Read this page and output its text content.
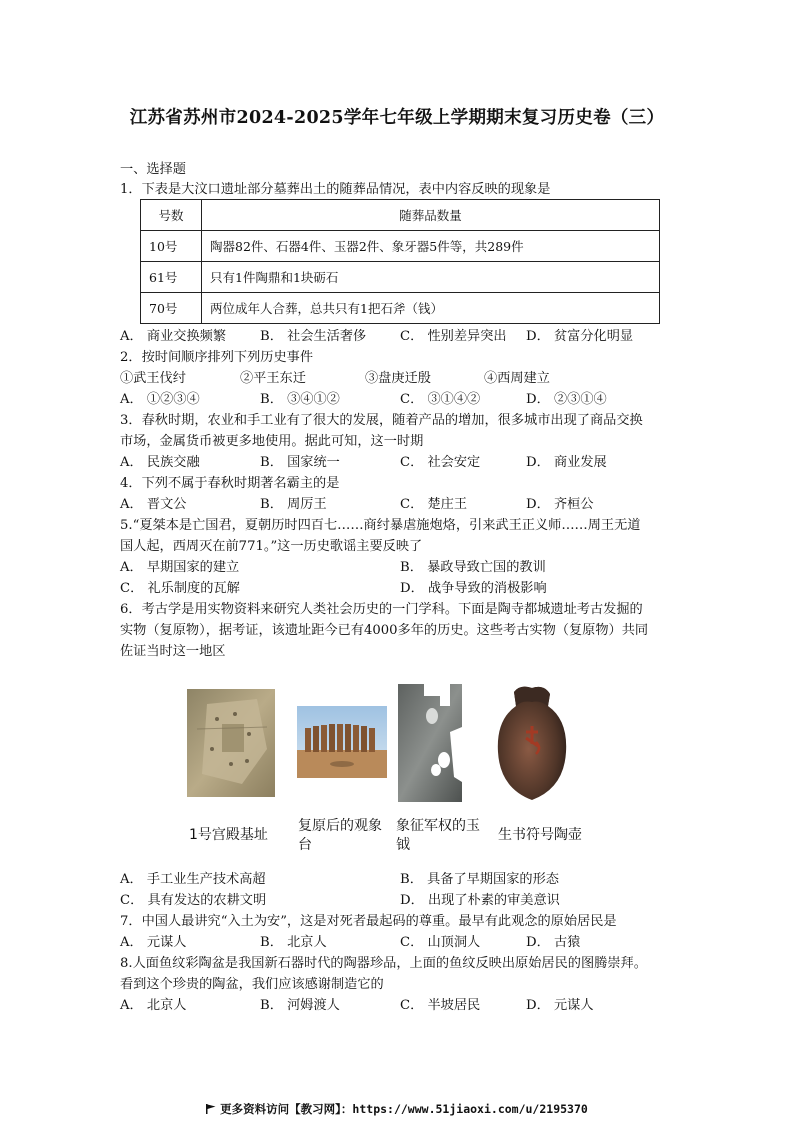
江苏省苏州市2024-2025学年七年级上学期期末复习历史卷（三）
一、选择题
1．下表是大汶口遗址部分墓葬出土的随葬品情况，表中内容反映的现象是
号数	随葬品数量
10号	陶器82件、石器4件、玉器2件、象牙器5件等，共289件
61号	只有1件陶鼎和1块砺石
70号	两位成年人合葬，总共只有1把石斧（钱）
A． 商业交换频繁	B． 社会生活奢侈	C． 性别差异突出 D． 贫富分化明显
2．按时间顺序排列下列历史事件
①武王伐纣	②平王东迁	③盘庚迁殷	④西周建立
A． ①②③④	B． ③④①②	C． ③①④②	D． ②③①④
3．春秋时期，农业和手工业有了很大的发展，随着产品的增加，很多城市出现了商品交换
市场，金属货币被更多地使用。据此可知，这一时期
A． 民族交融	B． 国家统一	C． 社会安定	D． 商业发展
4．下列不属于春秋时期著名霸主的是
A． 晋文公	B． 周厉王	C． 楚庄王	D． 齐桓公
5.“夏桀本是亡国君，夏朝历时四百七……商纣暴虐施炮烙，引来武王正义师……周王无道
国人起，西周灭在前771。”这一历史歌谣主要反映了
A． 早期国家的建立	B． 暴政导致亡国的教训
C． 礼乐制度的瓦解	D． 战争导致的消极影响
6．考古学是用实物资料来研究人类社会历史的一门学科。下面是陶寺都城遗址考古发掘的
实物（复原物），据考证，该遗址距今已有4000多年的历史。这些考古实物（复原物）共同
佐证当时这一地区
1号宫殿基址
复原后的观象台
象征军权的玉钺
生书符号陶壶
A． 手工业生产技术高超	B． 具备了早期国家的形态
C． 具有发达的农耕文明	D． 出现了朴素的审美意识
7．中国人最讲究“入土为安”，这是对死者最起码的尊重。最早有此观念的原始居民是
A． 元谋人	B． 北京人	C． 山顶洞人	D． 古猿
8.人面鱼纹彩陶盆是我国新石器时代的陶器珍品，上面的鱼纹反映出原始居民的图腾崇拜。
看到这个珍贵的陶盆，我们应该感谢制造它的
A． 北京人	B． 河姆渡人	C． 半坡居民	D． 元谋人
更多资料访问【教习网】：https://www.51jiaoxi.com/u/2195370
